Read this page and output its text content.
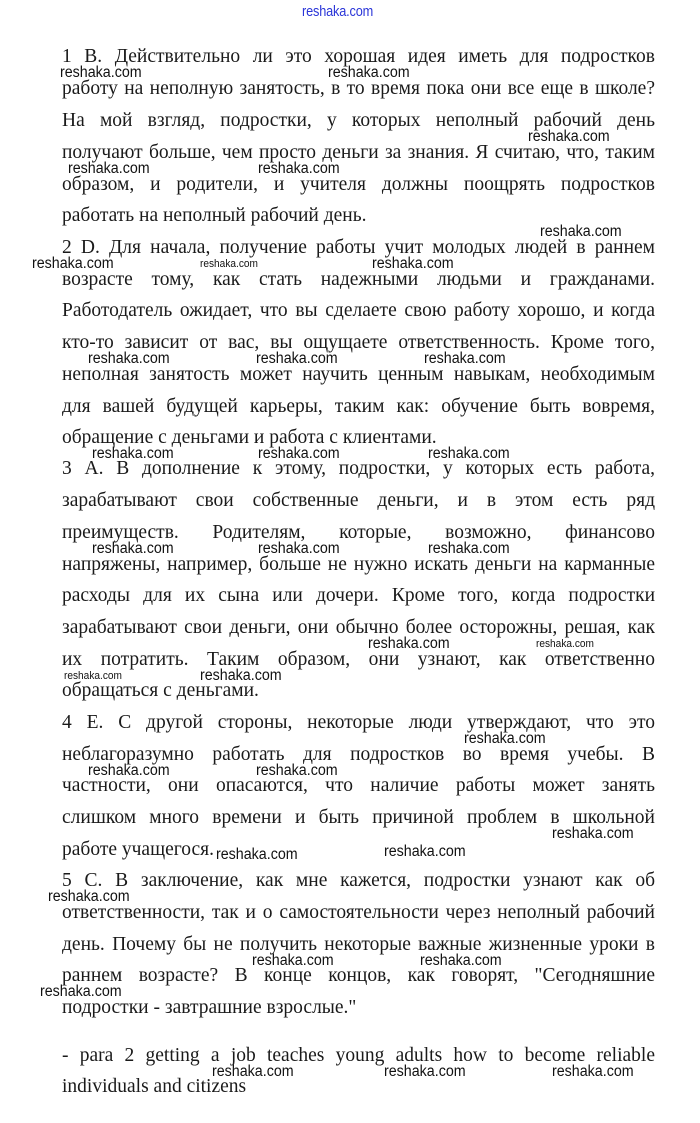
1 В. Действительно ли это хорошая идея иметь для подростков
работу на неполную занятость, в то время пока они все еще в школе?
На мой взгляд, подростки, у которых неполный рабочий день
получают больше, чем просто деньги за знания. Я считаю, что, таким
образом, и родители, и учителя должны поощрять подростков
работать на неполный рабочий день.
2 D. Для начала, получение работы учит молодых людей в раннем
возрасте тому, как стать надежными людьми и гражданами.
Работодатель ожидает, что вы сделаете свою работу хорошо, и когда
кто-то зависит от вас, вы ощущаете ответственность. Кроме того,
неполная занятость может научить ценным навыкам, необходимым
для вашей будущей карьеры, таким как: обучение быть вовремя,
обращение с деньгами и работа с клиентами.
3 А. В дополнение к этому, подростки, у которых есть работа,
зарабатывают свои собственные деньги, и в этом есть ряд
преимуществ. Родителям, которые, возможно, финансово
напряжены, например, больше не нужно искать деньги на карманные
расходы для их сына или дочери. Кроме того, когда подростки
зарабатывают свои деньги, они обычно более осторожны, решая, как
их потратить. Таким образом, они узнают, как ответственно
обращаться с деньгами.
4 Е. С другой стороны, некоторые люди утверждают, что это
неблагоразумно работать для подростков во время учебы. В
частности, они опасаются, что наличие работы может занять
слишком много времени и быть причиной проблем в школьной
работе учащегося.
5 С. В заключение, как мне кажется, подростки узнают как об
ответственности, так и о самостоятельности через неполный рабочий
день. Почему бы не получить некоторые важные жизненные уроки в
раннем возрасте? В конце концов, как говорят, "Сегодняшние
подростки - завтрашние взрослые."
- para 2 getting a job teaches young adults how to become reliable
individuals and citizens
reshaka.com
reshaka.com	reshaka.com
reshaka.com
reshaka.com	reshaka.com
reshaka.com
reshaka.com	reshaka.com	reshaka.com
reshaka.com	reshaka.com	reshaka.com
reshaka.com	reshaka.com	reshaka.com
reshaka.com	reshaka.com	reshaka.com
reshaka.com	reshaka.com
reshaka.com	reshaka.com
reshaka.com
reshaka.com	reshaka.com
reshaka.com
reshaka.com	reshaka.com
reshaka.com
reshaka.com	reshaka.com
reshaka.com
reshaka.com	reshaka.com	reshaka.com
